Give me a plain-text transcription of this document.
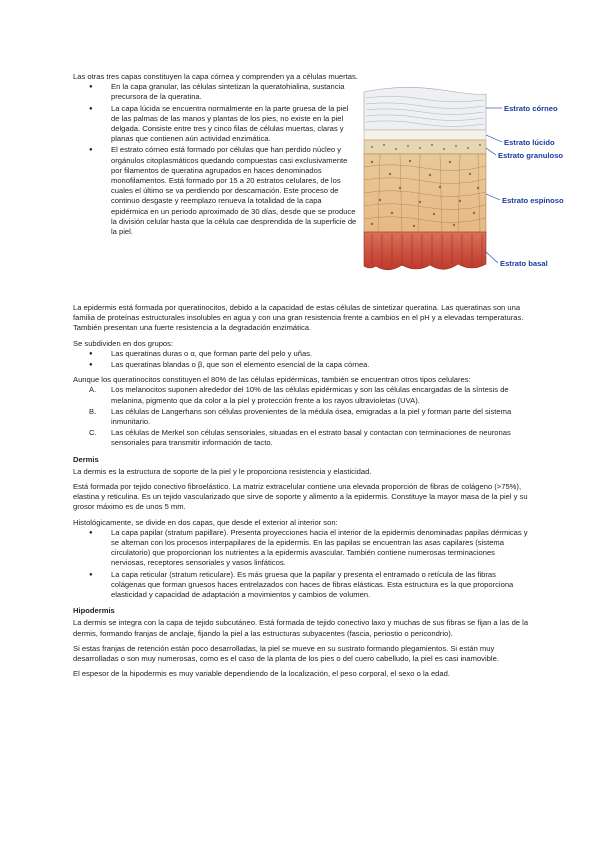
Las otras tres capas constituyen la capa córnea y comprenden ya a células muertas.

● En la capa granular, las células sintetizan la queratohialina, sustancia precursora de la queratina.
● La capa lúcida se encuentra normalmente en la parte gruesa de la piel de las palmas de las manos y plantas de los pies, no existe en la piel delgada. Consiste entre tres y cinco filas de células muertas, claras y planas que contienen aún actividad enzimática.
● El estrato córneo está formado por células que han perdido núcleo y orgánulos citoplasmáticos quedando compuestas casi exclusivamente por filamentos de queratina agrupados en haces denominados monofilamentos. Está formado por 15 a 20 estratos celulares, de los cuales el último se va perdiendo por descamación. Este proceso de continuo desgaste y reemplazo renueva la totalidad de la capa epidérmica en un periodo aproximado de 30 días, desde que se produce la división celular hasta que la célula cae desprendida de la superficie de la piel.
Estrato córneo
Estrato lúcido
Estrato granuloso
Estrato espinoso
Estrato basal

La epidermis está formada por queratinocitos, debido a la capacidad de estas células de sintetizar queratina. Las queratinas son una familia de proteínas estructurales insolubles en agua y con una gran resistencia frente a cambios en el pH y a elevadas temperaturas. También presentan una fuerte resistencia a la degradación enzimática.

Se subdividen en dos grupos:

● Las queratinas duras o α, que forman parte del pelo y uñas.
● Las queratinas blandas o β, que son el elemento esencial de la capa córnea.

Aunque los queratinocitos constituyen el 80% de las células epidérmicas, también se encuentran otros tipos celulares:

A. Los melanocitos suponen alrededor del 10% de las células epidérmicas y son las células encargadas de la síntesis de melanina, pigmento que da color a la piel y protección frente a los rayos ultravioletas (UVA).
B. Las células de Langerhans son células provenientes de la médula ósea, emigradas a la piel y forman parte del sistema inmunitario.
C. Las células de Merkel son células sensoriales, situadas en el estrato basal y contactan con terminaciones de neuronas sensoriales para transmitir información de tacto.

Dermis

La dermis es la estructura de soporte de la piel y le proporciona resistencia y elasticidad.

Está formada por tejido conectivo fibroelástico. La matriz extracelular contiene una elevada proporción de fibras de colágeno (>75%), elastina y reticulina. Es un tejido vascularizado que sirve de soporte y alimento a la epidermis. Constituye la mayor masa de la piel y su grosor máximo es de unos 5 mm.

Histológicamente, se divide en dos capas, que desde el exterior al interior son:

● La capa papilar (stratum papillare). Presenta proyecciones hacia el interior de la epidermis denominadas papilas dérmicas y se alternan con los procesos interpapilares de la epidermis. En las papilas se encuentran las asas capilares (sistema circulatorio) que proporcionan los nutrientes a la epidermis avascular. También contiene numerosas terminaciones nerviosas, receptores sensoriales y vasos linfáticos.
● La capa reticular (stratum reticulare). Es más gruesa que la papilar y presenta el entramado o retícula de las fibras colágenas que forman gruesos haces entrelazados con haces de fibras elásticas. Esta estructura es la que proporciona elasticidad y capacidad de adaptación a movimientos y cambios de volumen.

Hipodermis

La dermis se integra con la capa de tejido subcutáneo. Está formada de tejido conectivo laxo y muchas de sus fibras se fijan a las de la dermis, formando franjas de anclaje, fijando la piel a las estructuras subyacentes (fascia, periostio o pericondrio).

Si estas franjas de retención están poco desarrolladas, la piel se mueve en su sustrato formando plegamientos. Si están muy desarrolladas o son muy numerosas, como es el caso de la planta de los pies o del cuero cabelludo, la piel es casi inamovible.

El espesor de la hipodermis es muy variable dependiendo de la localización, el peso corporal, el sexo o la edad.
